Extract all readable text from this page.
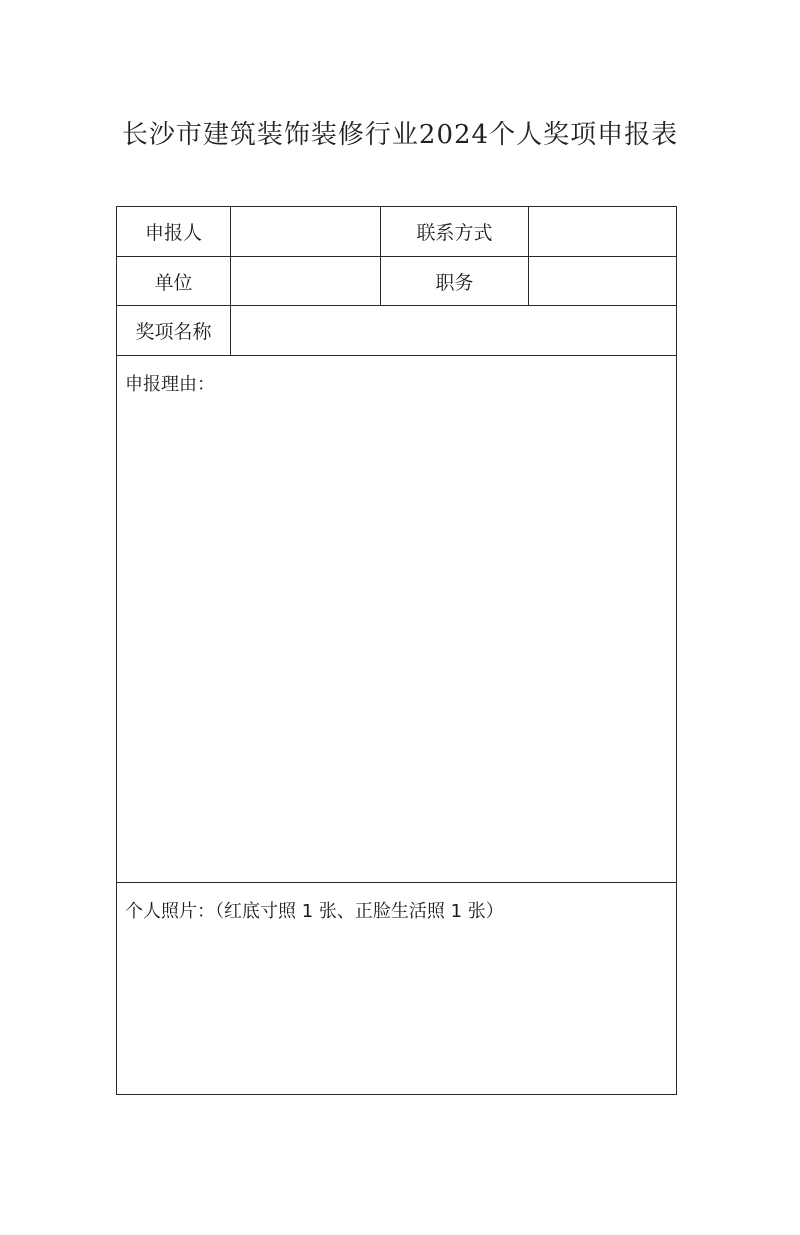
长沙市建筑装饰装修行业2024个人奖项申报表
申报人	联系方式
单位	职务
奖项名称
申报理由：
个人照片：（红底寸照 1 张、正脸生活照 1 张）
